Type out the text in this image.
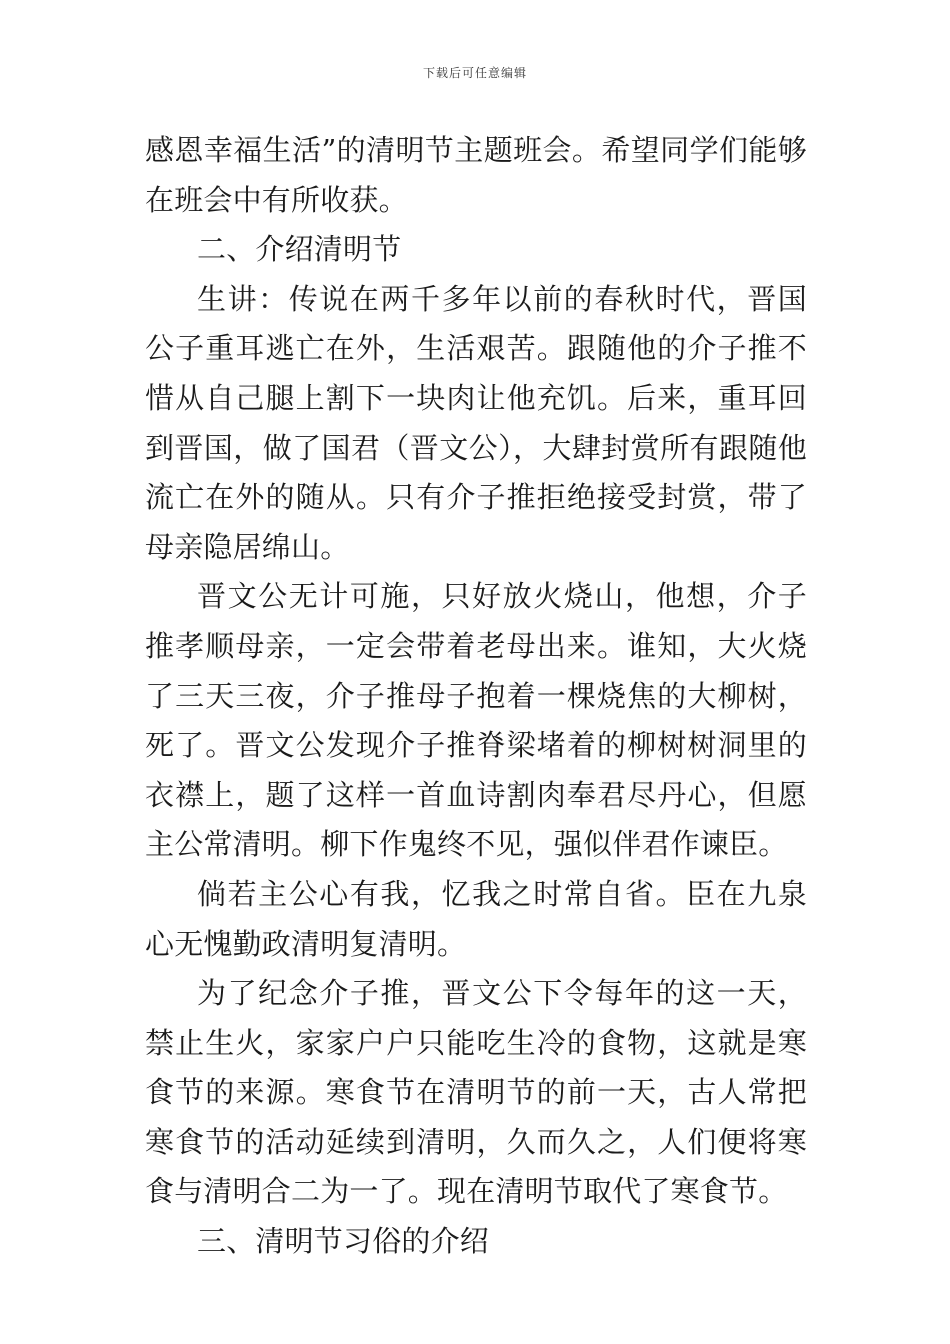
下载后可任意编辑

感恩幸福生活”的清明节主题班会。希望同学们能够在班会中有所收获。

二、介绍清明节

生讲：传说在两千多年以前的春秋时代，晋国公子重耳逃亡在外，生活艰苦。跟随他的介子推不惜从自己腿上割下一块肉让他充饥。后来，重耳回到晋国，做了国君（晋文公），大肆封赏所有跟随他流亡在外的随从。只有介子推拒绝接受封赏，带了母亲隐居绵山。

晋文公无计可施，只好放火烧山，他想，介子推孝顺母亲，一定会带着老母出来。谁知，大火烧了三天三夜，介子推母子抱着一棵烧焦的大柳树，死了。晋文公发现介子推脊梁堵着的柳树树洞里的衣襟上，题了这样一首血诗割肉奉君尽丹心，但愿主公常清明。柳下作鬼终不见，强似伴君作谏臣。

倘若主公心有我，忆我之时常自省。臣在九泉心无愧勤政清明复清明。

为了纪念介子推，晋文公下令每年的这一天，禁止生火，家家户户只能吃生冷的食物，这就是寒食节的来源。寒食节在清明节的前一天，古人常把寒食节的活动延续到清明，久而久之，人们便将寒食与清明合二为一了。现在清明节取代了寒食节。

三、清明节习俗的介绍
